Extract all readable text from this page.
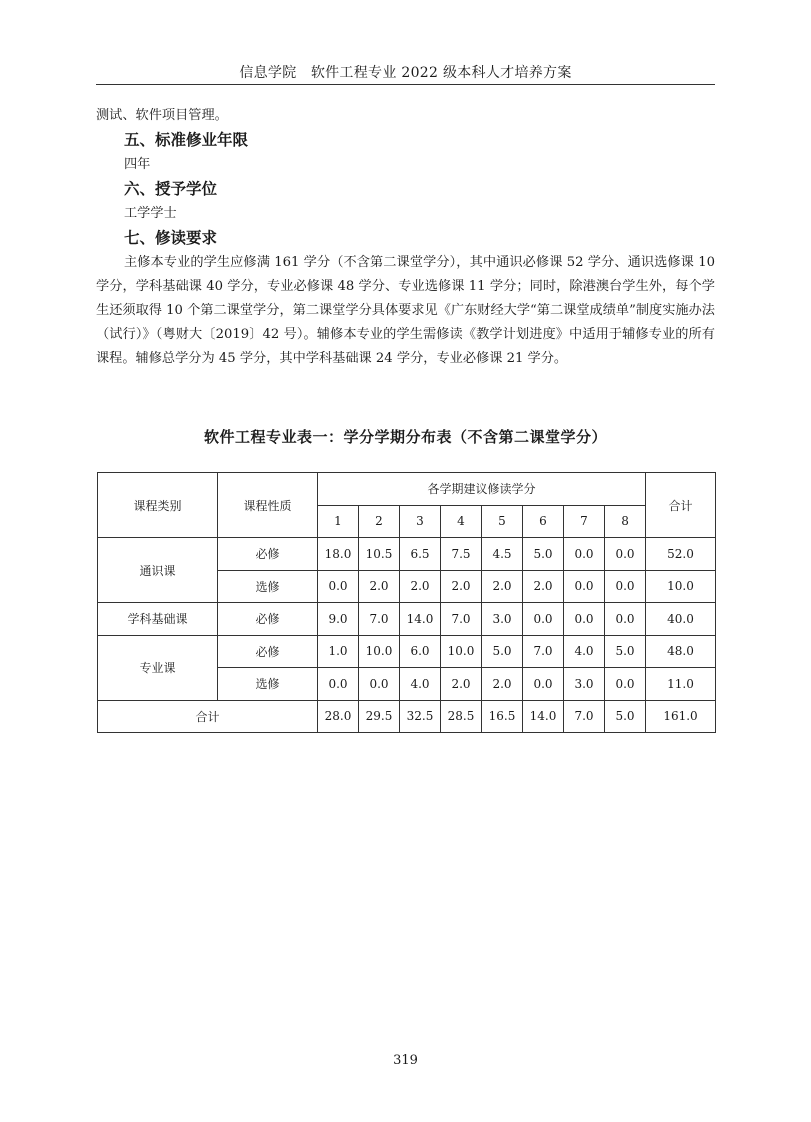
信息学院　软件工程专业 2022 级本科人才培养方案

测试、软件项目管理。

五、标准修业年限

四年

六、授予学位

工学学士

七、修读要求

主修本专业的学生应修满 161 学分（不含第二课堂学分），其中通识必修课 52 学分、通识选修课 10 学分，学科基础课 40 学分，专业必修课 48 学分、专业选修课 11 学分；同时，除港澳台学生外，每个学生还须取得 10 个第二课堂学分，第二课堂学分具体要求见《广东财经大学“第二课堂成绩单”制度实施办法（试行）》（粤财大〔2019〕42 号）。辅修本专业的学生需修读《教学计划进度》中适用于辅修专业的所有课程。辅修总学分为 45 学分，其中学科基础课 24 学分，专业必修课 21 学分。

软件工程专业表一：学分学期分布表（不含第二课堂学分）
课程类别	课程性质	各学期建议修读学分								合计
		1	2	3	4	5	6	7	8	
通识课	必修	18.0	10.5	6.5	7.5	4.5	5.0	0.0	0.0	52.0
	选修	0.0	2.0	2.0	2.0	2.0	2.0	0.0	0.0	10.0
学科基础课	必修	9.0	7.0	14.0	7.0	3.0	0.0	0.0	0.0	40.0
专业课	必修	1.0	10.0	6.0	10.0	5.0	7.0	4.0	5.0	48.0
	选修	0.0	0.0	4.0	2.0	2.0	0.0	3.0	0.0	11.0
合计		28.0	29.5	32.5	28.5	16.5	14.0	7.0	5.0	161.0
319
